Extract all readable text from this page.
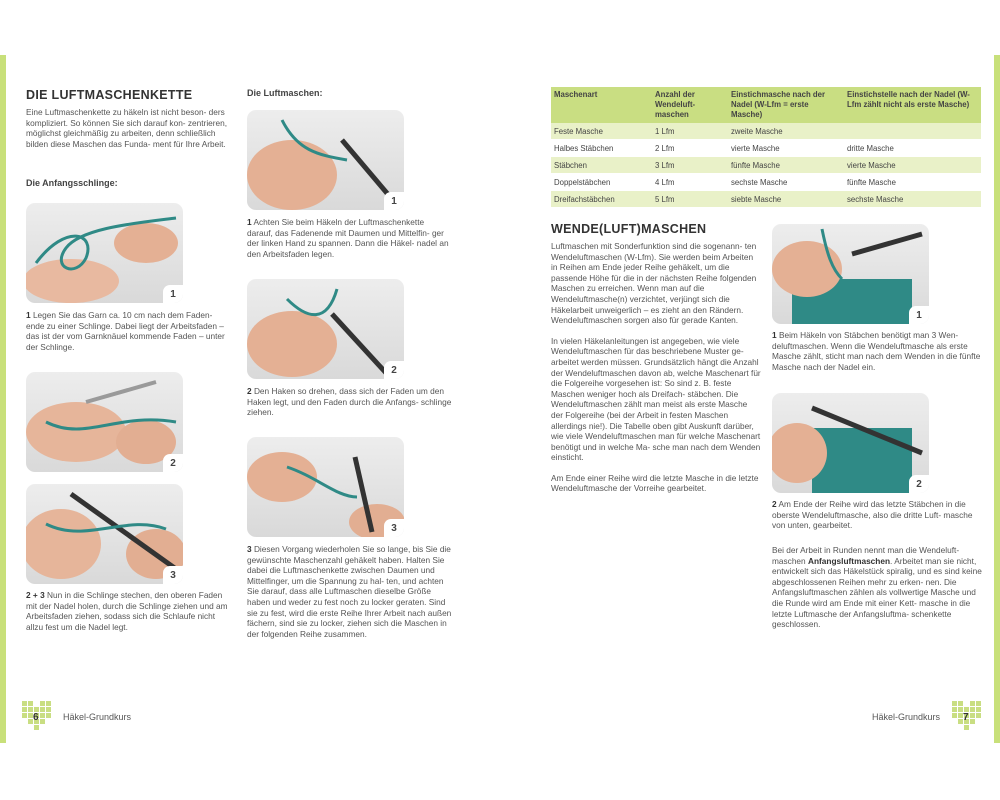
DIE LUFTMASCHENKETTE
Eine Luftmaschenkette zu häkeln ist nicht beson- ders kompliziert. So können Sie sich darauf kon- zentrieren, möglichst gleichmäßig zu arbeiten, denn schließlich bilden diese Maschen das Funda- ment für Ihre Arbeit.
Die Anfangsschlinge:
1
1 Legen Sie das Garn ca. 10 cm nach dem Faden- ende zu einer Schlinge. Dabei liegt der Arbeitsfaden – das ist der vom Garnknäuel kommende Faden – unter der Schlinge.
2
3
2 + 3 Nun in die Schlinge stechen, den oberen Faden mit der Nadel holen, durch die Schlinge ziehen und am Arbeitsfaden ziehen, sodass sich die Schlaufe nicht allzu fest um die Nadel legt.
Die Luftmaschen:
1
1 Achten Sie beim Häkeln der Luftmaschenkette darauf, das Fadenende mit Daumen und Mittelfin- ger der linken Hand zu spannen. Dann die Häkel- nadel an den Arbeitsfaden legen.
2
2 Den Haken so drehen, dass sich der Faden um den Haken legt, und den Faden durch die Anfangs- schlinge ziehen.
3
3 Diesen Vorgang wiederholen Sie so lange, bis Sie die gewünschte Maschenzahl gehäkelt haben. Halten Sie dabei die Luftmaschenkette zwischen Daumen und Mittelfinger, um die Spannung zu hal- ten, und achten Sie darauf, dass alle Luftmaschen dieselbe Größe haben und weder zu fest noch zu locker geraten. Sind sie zu fest, wird die erste Reihe Ihrer Arbeit nach außen fächern, sind sie zu locker, ziehen sich die Maschen in der folgenden Reihe zusammen.
6	Häkel-Grundkurs
Maschenart	Anzahl der Wendeluft- maschen	Einstichmasche nach der Nadel (W-Lfm = erste Masche)	Einstichstelle nach der Nadel (W-Lfm zählt nicht als erste Masche)
Feste Masche	1 Lfm	zweite Masche	
Halbes Stäbchen	2 Lfm	vierte Masche	dritte Masche
Stäbchen	3 Lfm	fünfte Masche	vierte Masche
Doppelstäbchen	4 Lfm	sechste Masche	fünfte Masche
Dreifachstäbchen	5 Lfm	siebte Masche	sechste Masche
WENDE(LUFT)MASCHEN

Luftmaschen mit Sonderfunktion sind die sogenann- ten Wendeluftmaschen (W-Lfm). Sie werden beim Arbeiten in Reihen am Ende jeder Reihe gehäkelt, um die passende Höhe für die in der nächsten Reihe folgenden Maschen zu erreichen. Wenn man auf die Wendeluftmasche(n) verzichtet, verjüngt sich die Häkelarbeit unweigerlich – es zieht an den Rändern. Wendeluftmaschen sorgen also für gerade Kanten.

In vielen Häkelanleitungen ist angegeben, wie viele Wendeluftmaschen für das beschriebene Muster ge- arbeitet werden müssen. Grundsätzlich hängt die Anzahl der Wendeluftmaschen davon ab, welche Maschenart für die Folgereihe vorgesehen ist: So sind z. B. feste Maschen weniger hoch als Dreifach- stäbchen. Die Wendeluftmaschen zählt man meist als erste Masche der Folgereihe (bei der Arbeit in festen Maschen allerdings nie!). Die Tabelle oben gibt Auskunft darüber, wie viele Wendeluftmaschen man für welche Maschenart benötigt und in welche Ma- sche man nach dem Wenden einsticht.

Am Ende einer Reihe wird die letzte Masche in die letzte Wendeluftmasche der Vorreihe gearbeitet.

1
1 Beim Häkeln von Stäbchen benötigt man 3 Wen- deluftmaschen. Wenn die Wendeluftmasche als erste Masche zählt, sticht man nach dem Wenden in die fünfte Masche nach der Nadel ein.
2
2 Am Ende der Reihe wird das letzte Stäbchen in die oberste Wendeluftmasche, also die dritte Luft- masche von unten, gearbeitet.
Bei der Arbeit in Runden nennt man die Wendeluft- maschen Anfangsluftmaschen. Arbeitet man sie nicht, entwickelt sich das Häkelstück spiralig, und es sind keine abgeschlossenen Reihen mehr zu erken- nen. Die Anfangsluftmaschen zählen als vollwertige Masche und die Runde wird am Ende mit einer Kett- masche in die letzte Luftmasche der Anfangsluftma- schenkette geschlossen.
Häkel-Grundkurs 7
